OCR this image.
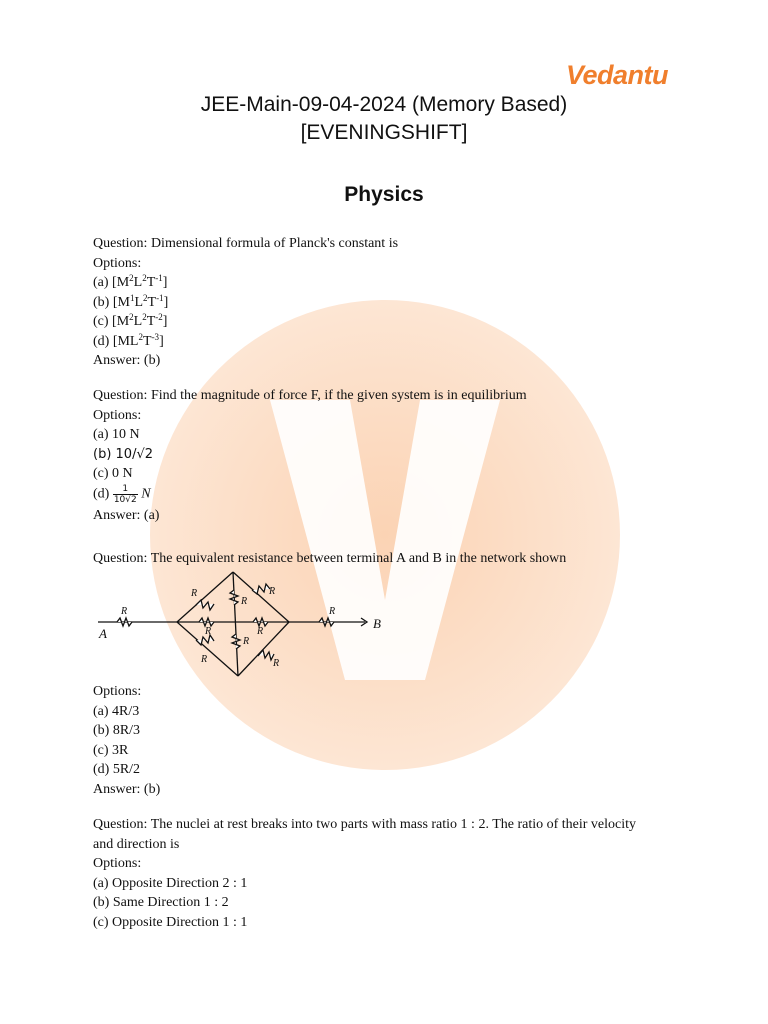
Vedantu
JEE-Main-09-04-2024 (Memory Based)
[EVENINGSHIFT]
Physics

Question: Dimensional formula of Planck's constant is

Options:

(a) $[M^2L^2T^{-1}]$

(b) $[M^1L^2T^{-1}]$

(c) $[M^2L^2T^{-2}]$

(d) $[ML^2T^{-3}]$

Answer: (b)

Question: Find the magnitude of force F, if the given system is in equilibrium

Options:

(a) 10 N

(b) 10/√2

(c) 0 N

$(d) \frac{1}{10√2}$ N

Answer: (a)

Question: The equivalent resistance between terminal A and B in the network shown

R	R
R	R
R
R	R
R
R	R
A
B

Options:

(a) 4R/3

(b) 8R/3

(c) 3R

(d) 5R/2

Answer: (b)

Question: The nuclei at rest breaks into two parts with mass ratio 1 : 2. The ratio of their velocity and direction is

Options:

(a) Opposite Direction 2 : 1

(b) Same Direction 1 : 2

(c) Opposite Direction 1 : 1
